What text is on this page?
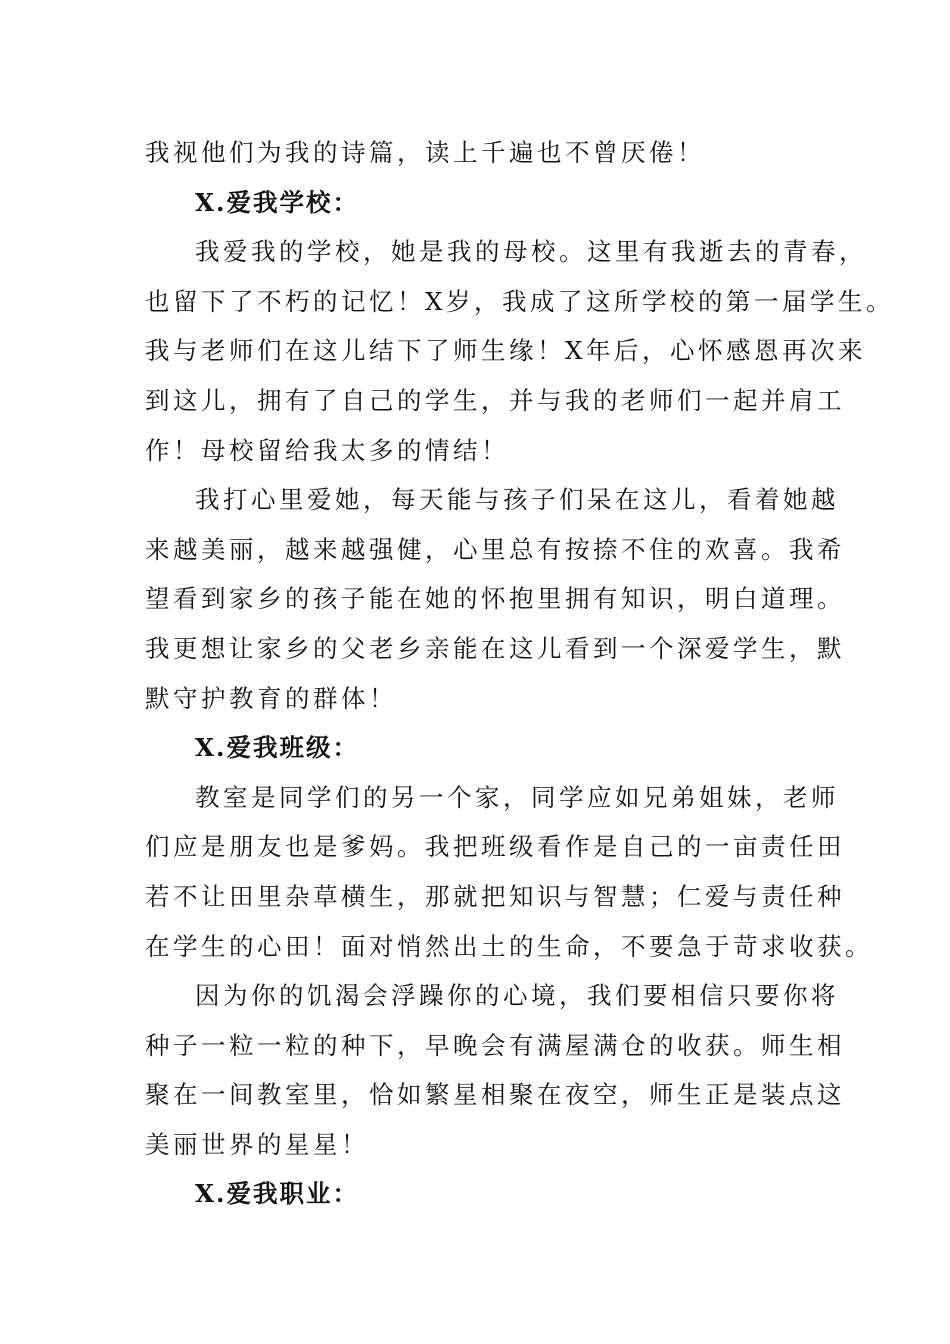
我视他们为我的诗篇，读上千遍也不曾厌倦！
X.爱我学校：
我爱我的学校，她是我的母校。这里有我逝去的青春，
也留下了不朽的记忆！X岁，我成了这所学校的第一届学生。
我与老师们在这儿结下了师生缘！X年后，心怀感恩再次来
到这儿，拥有了自己的学生，并与我的老师们一起并肩工
作！母校留给我太多的情结！
我打心里爱她，每天能与孩子们呆在这儿，看着她越
来越美丽，越来越强健，心里总有按捺不住的欢喜。我希
望看到家乡的孩子能在她的怀抱里拥有知识，明白道理。
我更想让家乡的父老乡亲能在这儿看到一个深爱学生，默
默守护教育的群体！
X.爱我班级：
教室是同学们的另一个家，同学应如兄弟姐妹，老师
们应是朋友也是爹妈。我把班级看作是自己的一亩责任田
若不让田里杂草横生，那就把知识与智慧；仁爱与责任种
在学生的心田！面对悄然出土的生命，不要急于苛求收获。
因为你的饥渴会浮躁你的心境，我们要相信只要你将
种子一粒一粒的种下，早晚会有满屋满仓的收获。师生相
聚在一间教室里，恰如繁星相聚在夜空，师生正是装点这
美丽世界的星星！
X.爱我职业：
